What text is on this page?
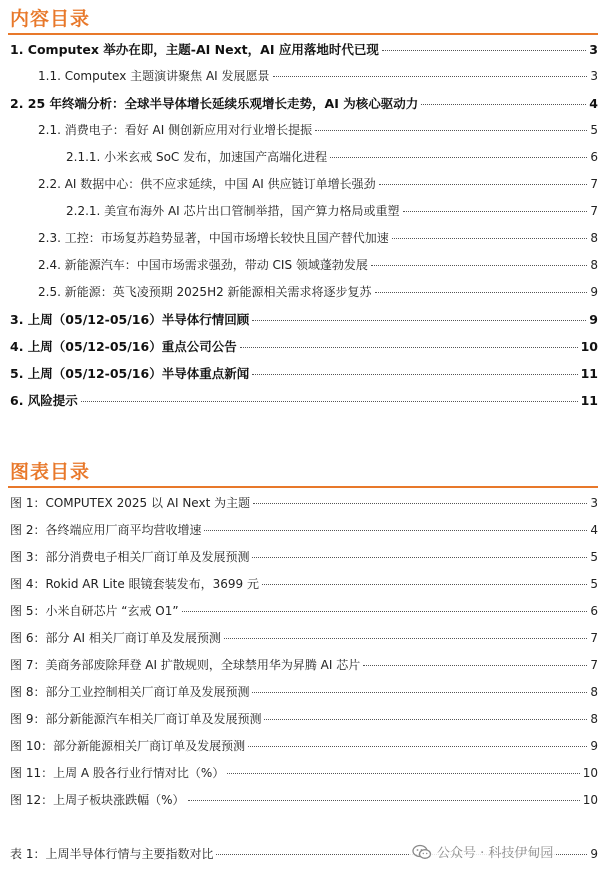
内容目录
1. Computex 举办在即，主题-AI Next，AI 应用落地时代已现	3
1.1. Computex 主题演讲聚焦 AI 发展愿景	3
2. 25 年终端分析：全球半导体增长延续乐观增长走势，AI 为核心驱动力	4
2.1. 消费电子：看好 AI 侧创新应用对行业增长提振	5
2.1.1. 小米玄戒 SoC 发布，加速国产高端化进程	6
2.2. AI 数据中心：供不应求延续，中国 AI 供应链订单增长强劲	7
2.2.1. 美宣布海外 AI 芯片出口管制举措，国产算力格局或重塑	7
2.3. 工控：市场复苏趋势显著，中国市场增长较快且国产替代加速	8
2.4. 新能源汽车：中国市场需求强劲，带动 CIS 领域蓬勃发展	8
2.5. 新能源：英飞凌预期 2025H2 新能源相关需求将逐步复苏	9
3. 上周（05/12-05/16）半导体行情回顾	9
4. 上周（05/12-05/16）重点公司公告	10
5. 上周（05/12-05/16）半导体重点新闻	11
6. 风险提示	11
图表目录
图 1：COMPUTEX 2025 以 AI Next 为主题	3
图 2：各终端应用厂商平均营收增速	4
图 3：部分消费电子相关厂商订单及发展预测	5
图 4：Rokid AR Lite 眼镜套装发布，3699 元	5
图 5：小米自研芯片 “玄戒 O1”	6
图 6：部分 AI 相关厂商订单及发展预测	7
图 7：美商务部废除拜登 AI 扩散规则，全球禁用华为昇腾 AI 芯片	7
图 8：部分工业控制相关厂商订单及发展预测	8
图 9：部分新能源汽车相关厂商订单及发展预测	8
图 10：部分新能源相关厂商订单及发展预测	9
图 11：上周 A 股各行业行情对比（%）	10
图 12：上周子板块涨跌幅（%）	10
表 1：上周半导体行情与主要指数对比	9
公众号 · 科技伊甸园
